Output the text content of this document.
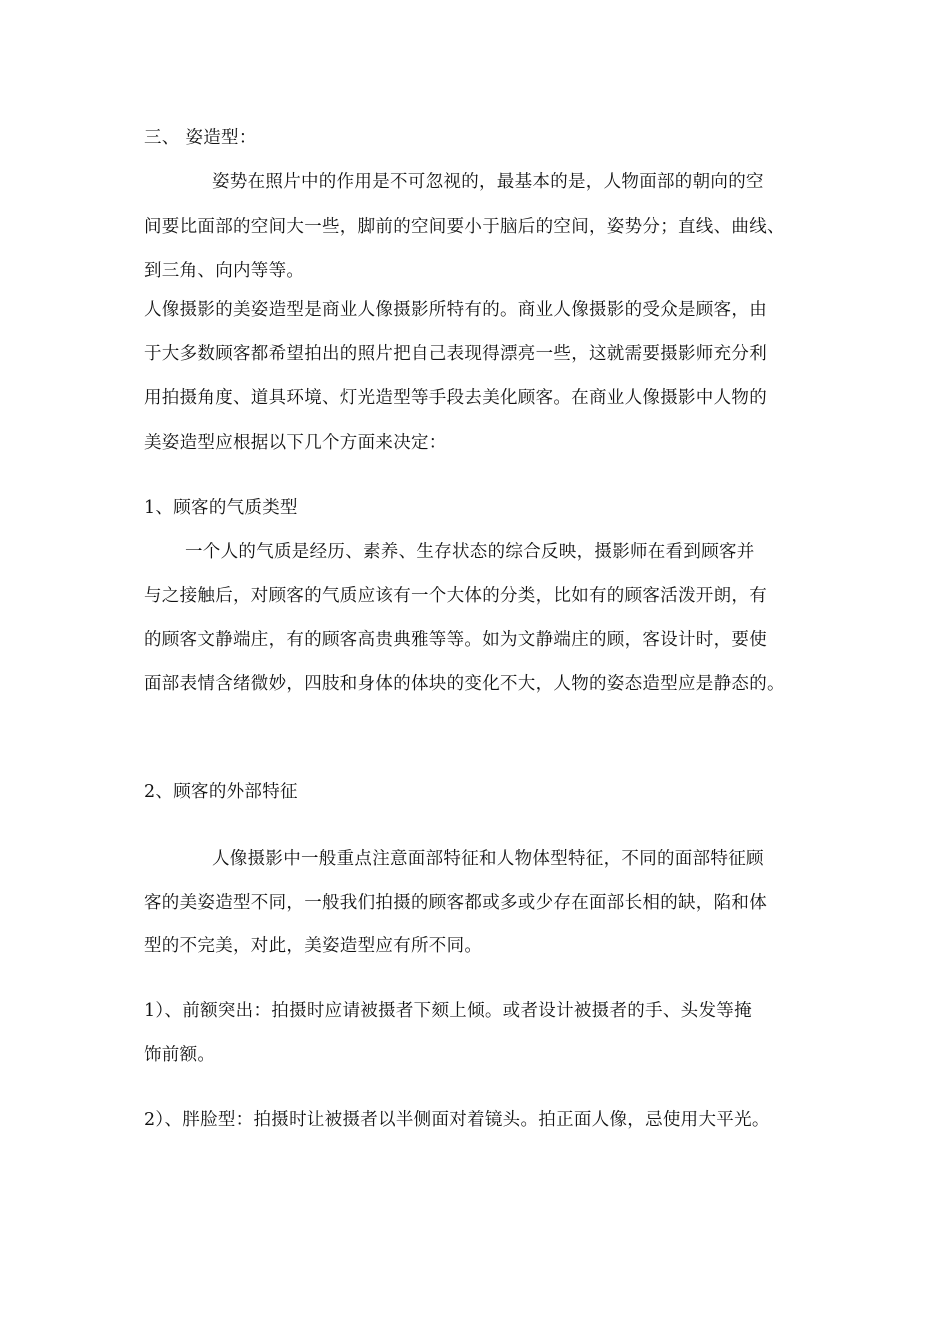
三、 姿造型：
姿势在照片中的作用是不可忽视的，最基本的是，人物面部的朝向的空
间要比面部的空间大一些，脚前的空间要小于脑后的空间，姿势分；直线、曲线、
到三角、向内等等。
人像摄影的美姿造型是商业人像摄影所特有的。商业人像摄影的受众是顾客，由
于大多数顾客都希望拍出的照片把自己表现得漂亮一些，这就需要摄影师充分利
用拍摄角度、道具环境、灯光造型等手段去美化顾客。在商业人像摄影中人物的
美姿造型应根据以下几个方面来决定：
1、顾客的气质类型
一个人的气质是经历、素养、生存状态的综合反映，摄影师在看到顾客并
与之接触后，对顾客的气质应该有一个大体的分类，比如有的顾客活泼开朗，有
的顾客文静端庄，有的顾客高贵典雅等等。如为文静端庄的顾，客设计时，要使
面部表情含绪微妙，四肢和身体的体块的变化不大，人物的姿态造型应是静态的。
2、顾客的外部特征
人像摄影中一般重点注意面部特征和人物体型特征，不同的面部特征顾
客的美姿造型不同，一般我们拍摄的顾客都或多或少存在面部长相的缺，陷和体
型的不完美，对此，美姿造型应有所不同。
1）、前额突出：拍摄时应请被摄者下颏上倾。或者设计被摄者的手、头发等掩
饰前额。
2）、胖脸型：拍摄时让被摄者以半侧面对着镜头。拍正面人像，忌使用大平光。
